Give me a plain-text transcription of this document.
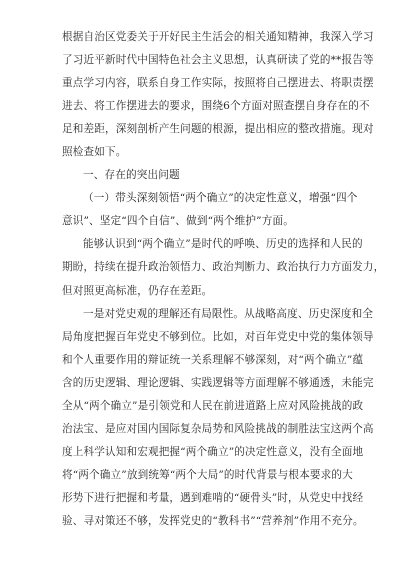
根据自治区党委关于开好民主生活会的相关通知精神，我深入学习
了习近平新时代中国特色社会主义思想，认真研读了党的**报告等
重点学习内容，联系自身工作实际，按照将自己摆进去、将职责摆
进去、将工作摆进去的要求，围绕6个方面对照查摆自身存在的不
足和差距，深刻剖析产生问题的根源，提出相应的整改措施。现对
照检查如下。
一、存在的突出问题
（一）带头深刻领悟“两个确立”的决定性意义，增强“四个
意识”、坚定“四个自信”、做到“两个维护”方面。
能够认识到“两个确立”是时代的呼唤、历史的选择和人民的
期盼，持续在提升政治领悟力、政治判断力、政治执行力方面发力，
但对照更高标准，仍存在差距。
一是对党史观的理解还有局限性。从战略高度、历史深度和全
局角度把握百年党史不够到位。比如，对百年党史中党的集体领导
和个人重要作用的辩证统一关系理解不够深刻，对“两个确立”蕴
含的历史逻辑、理论逻辑、实践逻辑等方面理解不够通透，未能完
全从“两个确立”是引领党和人民在前进道路上应对风险挑战的政
治法宝、是应对国内国际复杂局势和风险挑战的制胜法宝这两个高
度上科学认知和宏观把握“两个确立”的决定性意义，没有全面地
将“两个确立”放到统筹“两个大局”的时代背景与根本要求的大
形势下进行把握和考量，遇到难啃的“硬骨头”时，从党史中找经
验、寻对策还不够，发挥党史的“教科书”“营养剂”作用不充分。
